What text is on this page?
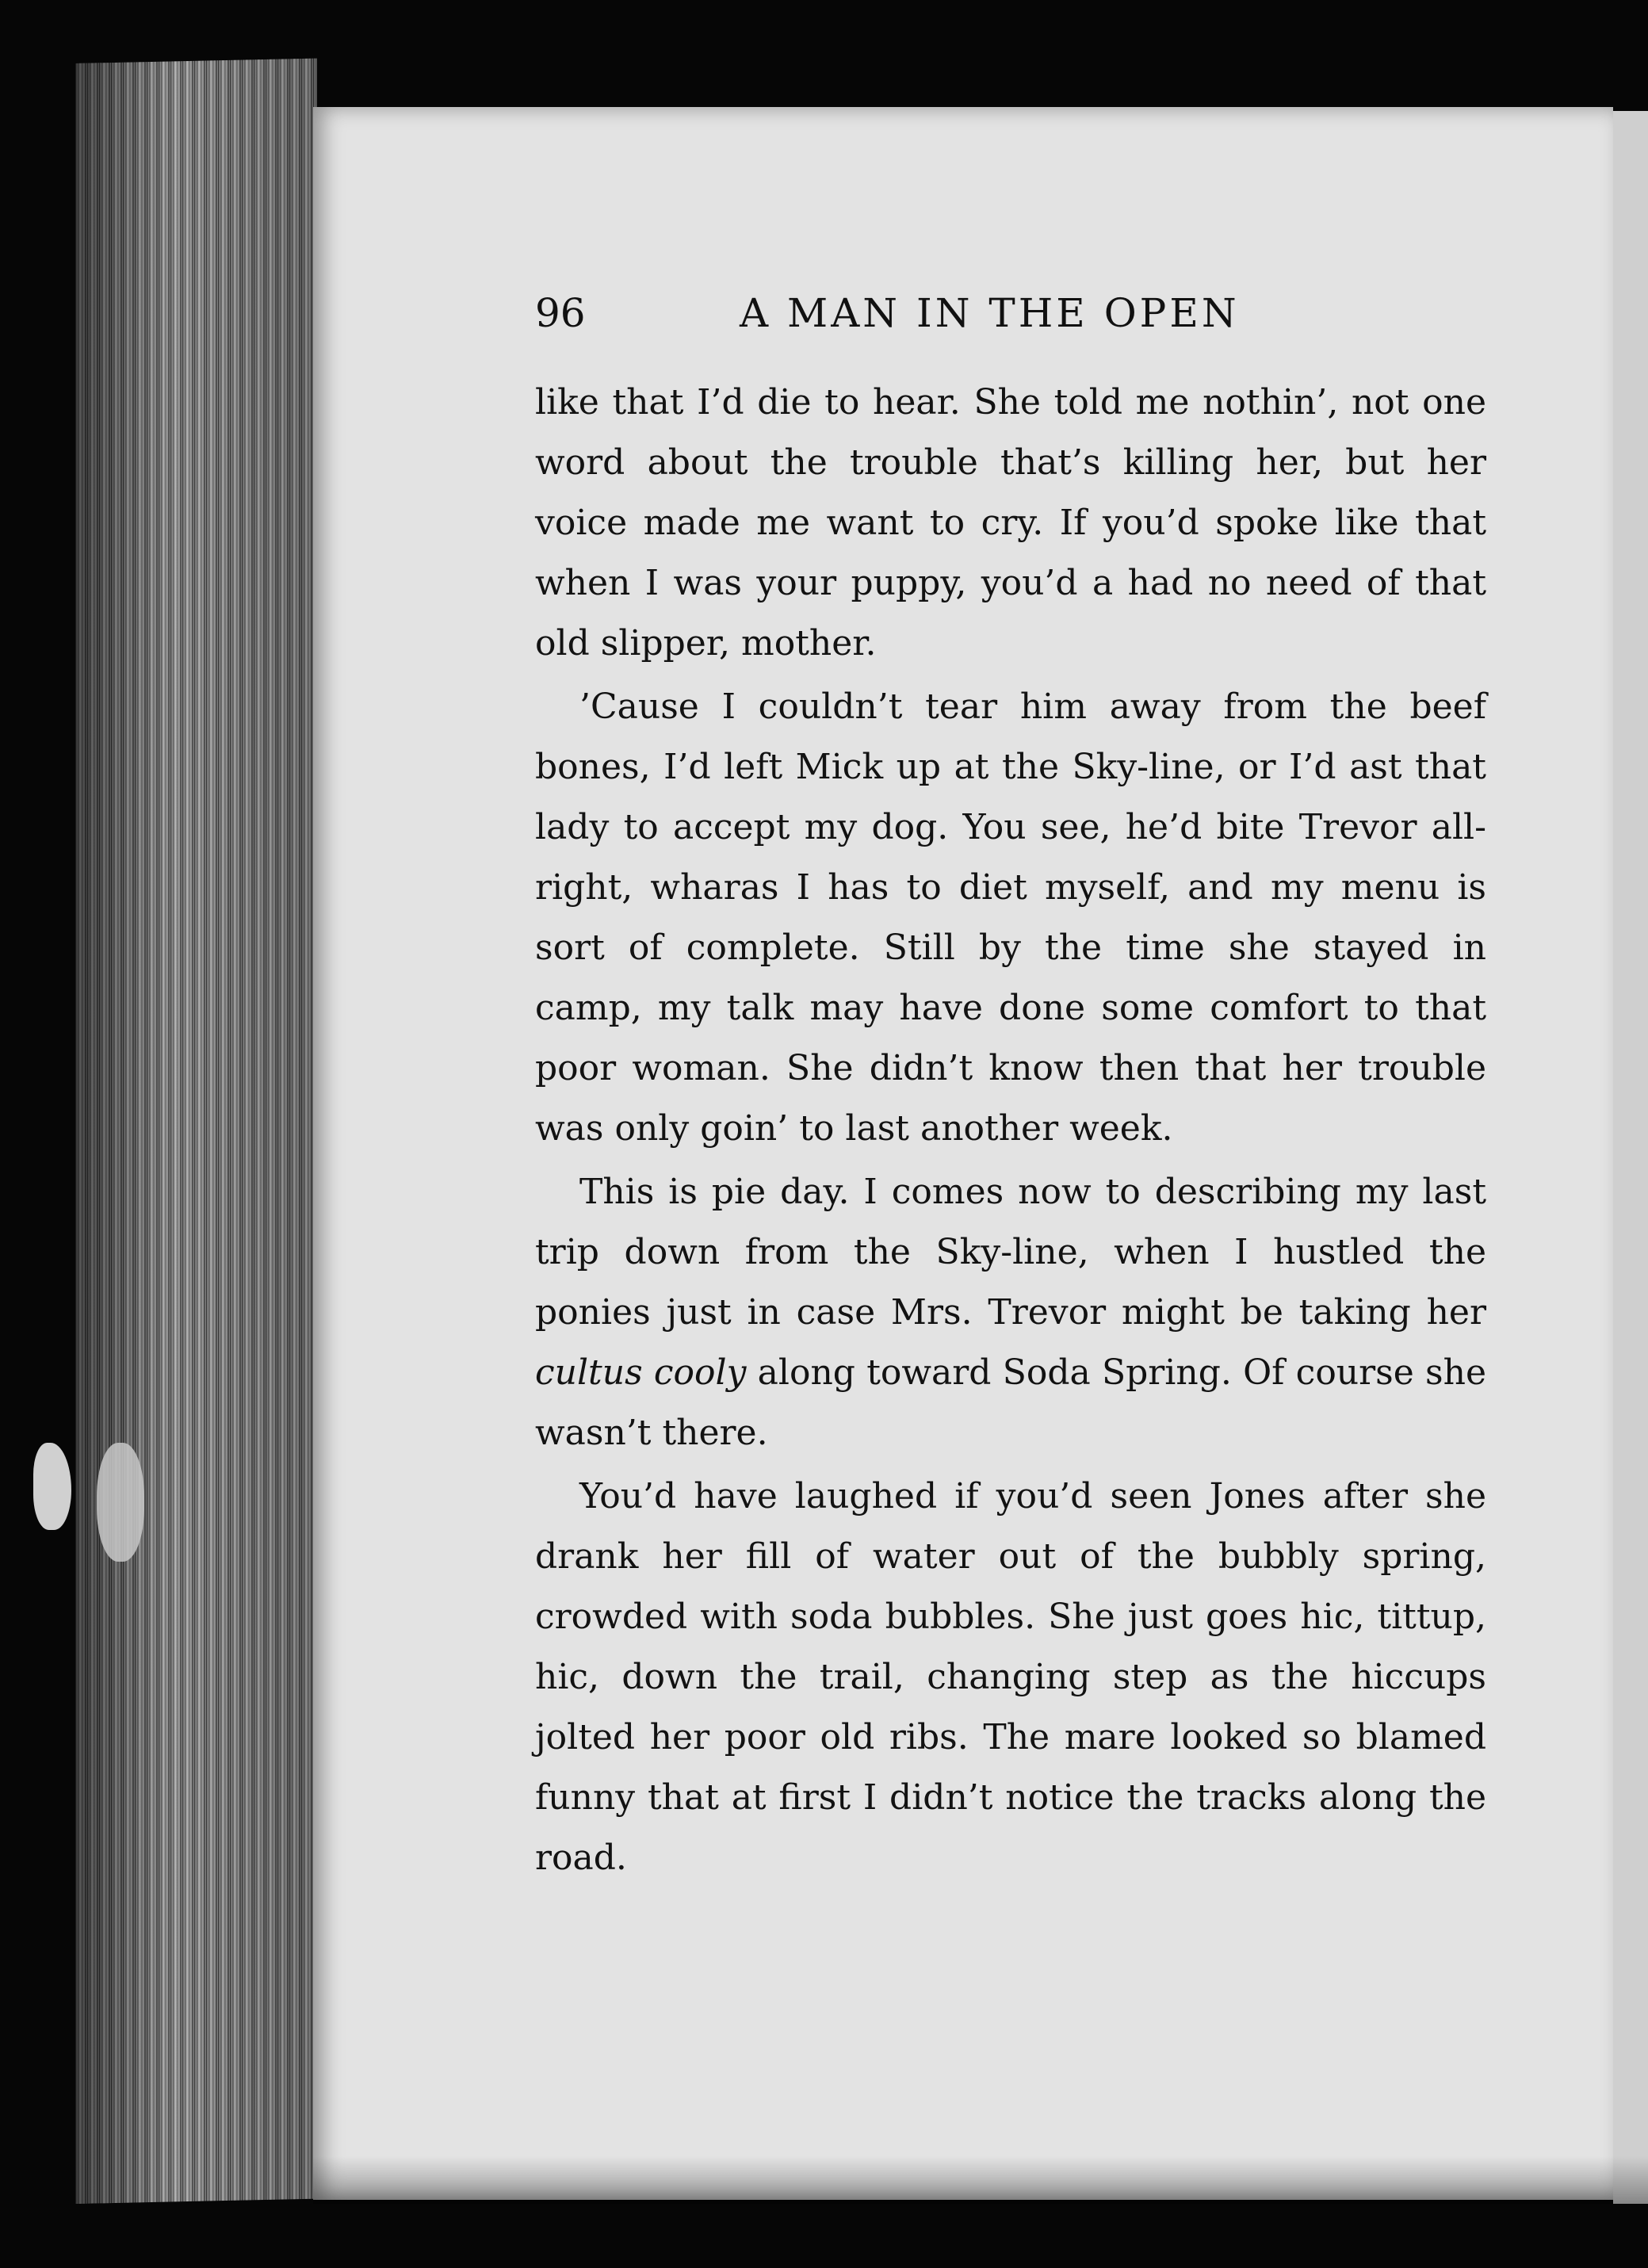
96	A MAN IN THE OPEN

like that I’d die to hear. She told me nothin’, not one word about the trouble that’s killing her, but her voice made me want to cry. If you’d spoke like that when I was your puppy, you’d a had no need of that old slipper, mother.

’Cause I couldn’t tear him away from the beef bones, I’d left Mick up at the Sky-line, or I’d ast that lady to accept my dog. You see, he’d bite Trevor all-right, wharas I has to diet myself, and my menu is sort of complete. Still by the time she stayed in camp, my talk may have done some comfort to that poor woman. She didn’t know then that her trouble was only goin’ to last another week.

This is pie day. I comes now to describing my last trip down from the Sky-line, when I hustled the ponies just in case Mrs. Trevor might be taking her cultus cooly along toward Soda Spring. Of course she wasn’t there.

You’d have laughed if you’d seen Jones after she drank her fill of water out of the bubbly spring, crowded with soda bubbles. She just goes hic, tittup, hic, down the trail, changing step as the hiccups jolted her poor old ribs. The mare looked so blamed funny that at first I didn’t notice the tracks along the road.
